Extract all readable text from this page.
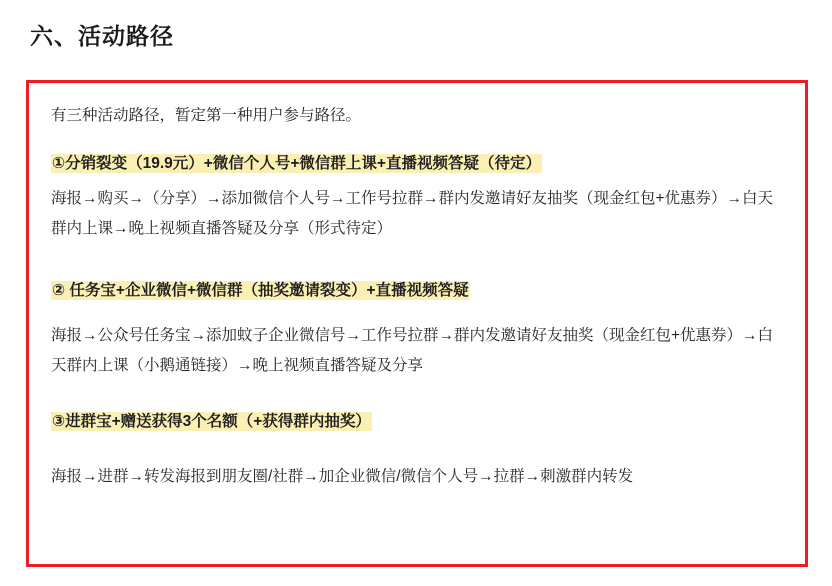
六、活动路径

有三种活动路径，暂定第一种用户参与路径。

①分销裂变（19.9元）+微信个人号+微信群上课+直播视频答疑（待定）

海报→购买→（分享）→添加微信个人号→工作号拉群→群内发邀请好友抽奖（现金红包+优惠券）→白天群内上课→晚上视频直播答疑及分享（形式待定）

② 任务宝+企业微信+微信群（抽奖邀请裂变）+直播视频答疑

海报→公众号任务宝→添加蚊子企业微信号→工作号拉群→群内发邀请好友抽奖（现金红包+优惠券）→白天群内上课（小鹅通链接）→晚上视频直播答疑及分享

③进群宝+赠送获得3个名额（+获得群内抽奖）

海报→进群→转发海报到朋友圈/社群→加企业微信/微信个人号→拉群→刺激群内转发
